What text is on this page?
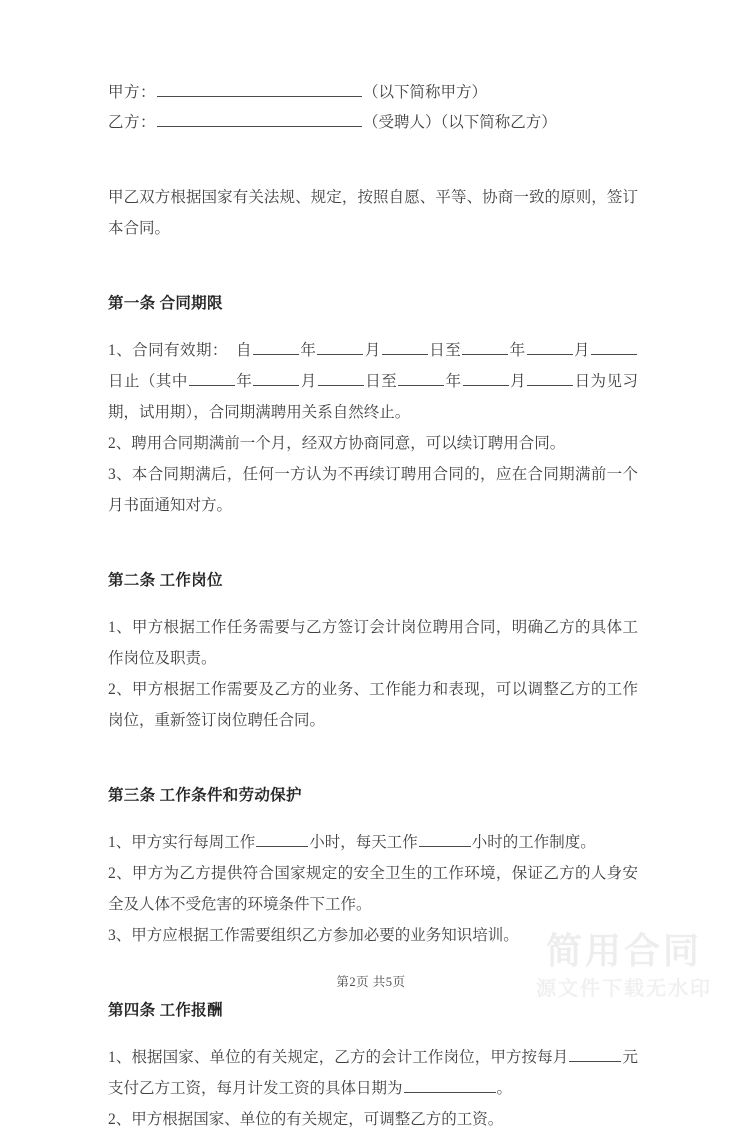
甲方：	（以下简称甲方）
乙方：	（受聘人）（以下简称乙方）

甲乙双方根据国家有关法规、规定，按照自愿、平等、协商一致的原则，签订本合同。

第一条 合同期限

1、合同有效期：　自	年	月	日至	年	月日止（其中	年	月	日至	年	月	日为见习期，试用期），合同期满聘用关系自然终止。

2、聘用合同期满前一个月，经双方协商同意，可以续订聘用合同。

3、本合同期满后，任何一方认为不再续订聘用合同的，应在合同期满前一个月书面通知对方。

第二条 工作岗位

1、甲方根据工作任务需要与乙方签订会计岗位聘用合同，明确乙方的具体工作岗位及职责。

2、甲方根据工作需要及乙方的业务、工作能力和表现，可以调整乙方的工作岗位，重新签订岗位聘任合同。

第三条 工作条件和劳动保护

1、甲方实行每周工作	小时，每天工作	小时的工作制度。

2、甲方为乙方提供符合国家规定的安全卫生的工作环境，保证乙方的人身安全及人体不受危害的环境条件下工作。

3、甲方应根据工作需要组织乙方参加必要的业务知识培训。

第四条 工作报酬

1、根据国家、单位的有关规定，乙方的会计工作岗位，甲方按每月	元支付乙方工资，每月计发工资的具体日期为	。

2、甲方根据国家、单位的有关规定，可调整乙方的工资。

简用合同
源文件下载无水印
第2页 共5页
